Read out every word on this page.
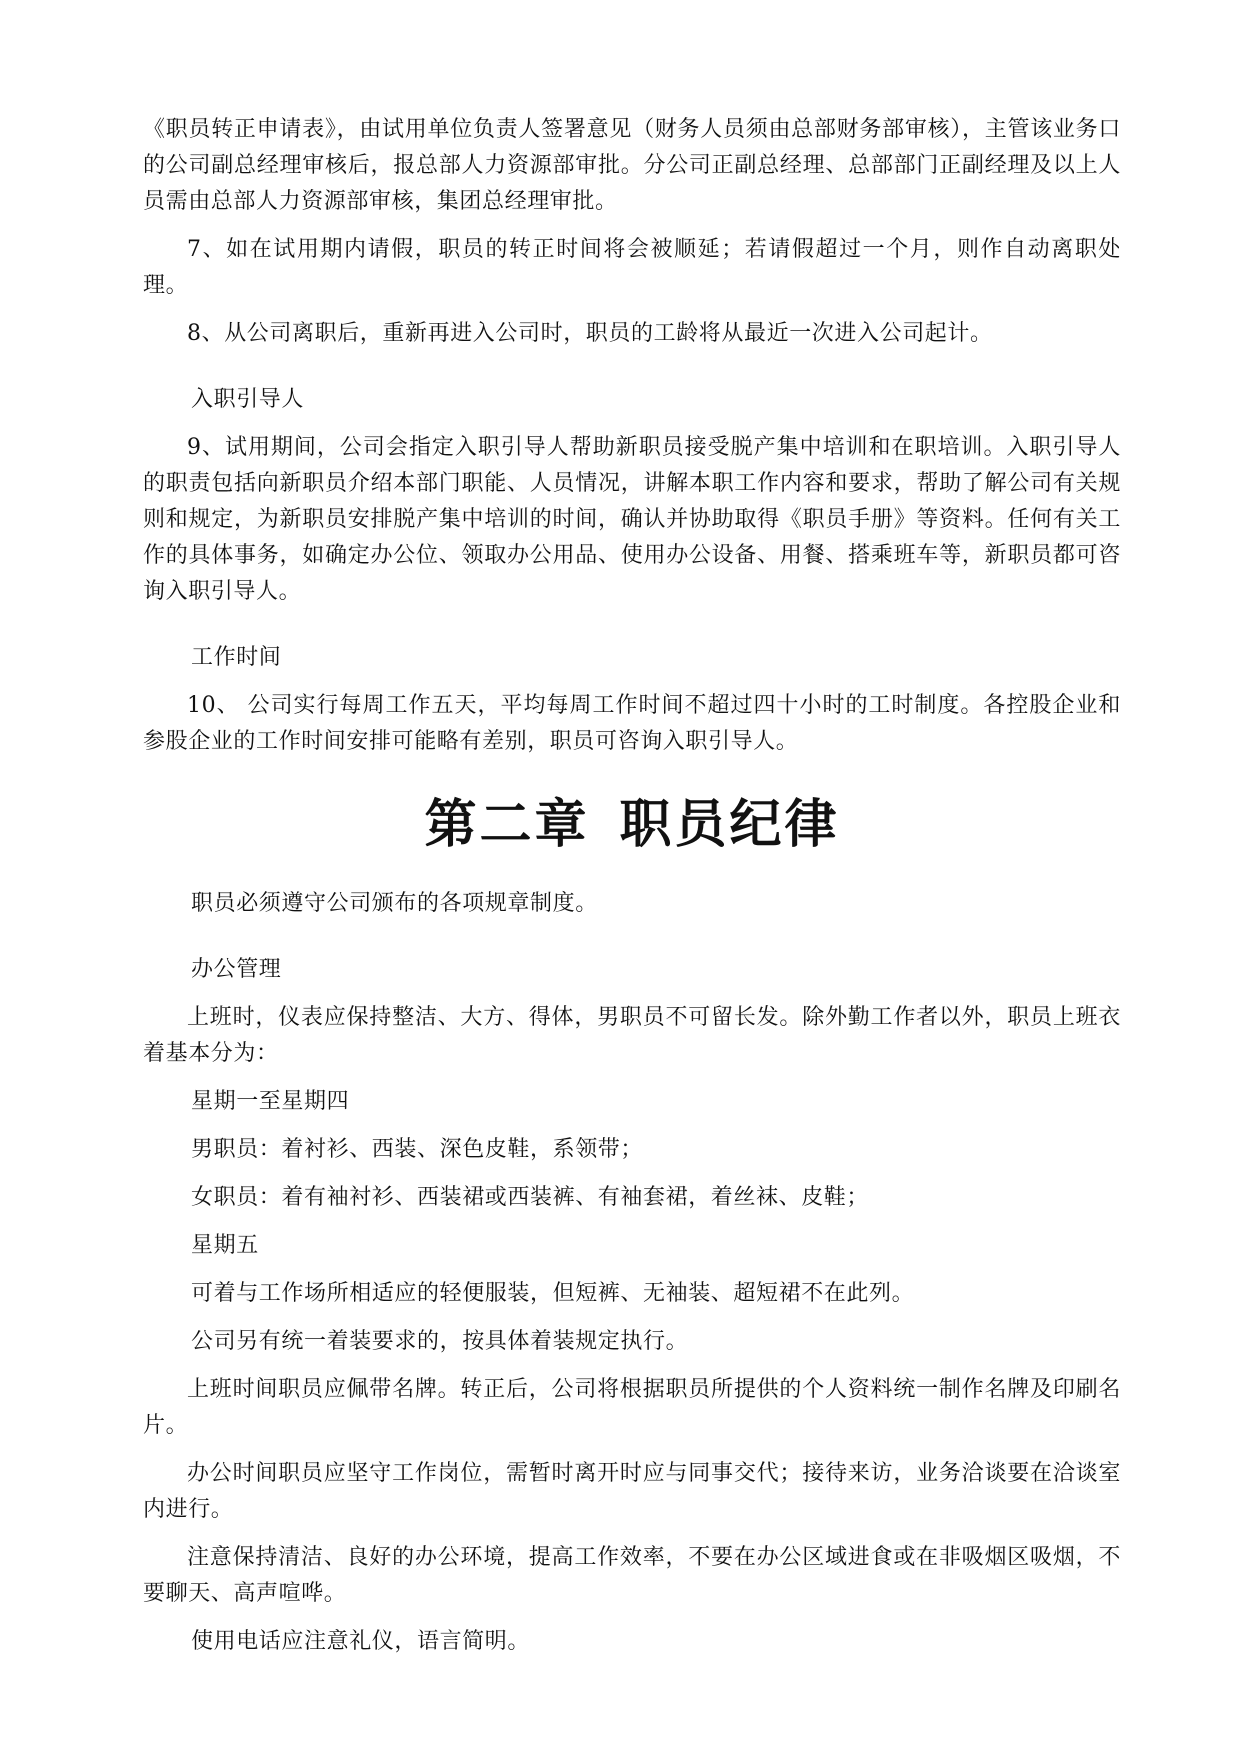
《职员转正申请表》，由试用单位负责人签署意见（财务人员须由总部财务部审核），主管该业务口的公司副总经理审核后，报总部人力资源部审批。分公司正副总经理、总部部门正副经理及以上人员需由总部人力资源部审核，集团总经理审批。

7、如在试用期内请假，职员的转正时间将会被顺延；若请假超过一个月，则作自动离职处理。

8、从公司离职后，重新再进入公司时，职员的工龄将从最近一次进入公司起计。

入职引导人

9、试用期间，公司会指定入职引导人帮助新职员接受脱产集中培训和在职培训。入职引导人的职责包括向新职员介绍本部门职能、人员情况，讲解本职工作内容和要求，帮助了解公司有关规则和规定，为新职员安排脱产集中培训的时间，确认并协助取得《职员手册》等资料。任何有关工作的具体事务，如确定办公位、领取办公用品、使用办公设备、用餐、搭乘班车等，新职员都可咨询入职引导人。

工作时间

10、 公司实行每周工作五天，平均每周工作时间不超过四十小时的工时制度。各控股企业和参股企业的工作时间安排可能略有差别，职员可咨询入职引导人。

第二章 职员纪律

职员必须遵守公司颁布的各项规章制度。

办公管理

上班时，仪表应保持整洁、大方、得体，男职员不可留长发。除外勤工作者以外，职员上班衣着基本分为：

星期一至星期四

男职员：着衬衫、西装、深色皮鞋，系领带；

女职员：着有袖衬衫、西装裙或西装裤、有袖套裙，着丝袜、皮鞋；

星期五

可着与工作场所相适应的轻便服装，但短裤、无袖装、超短裙不在此列。

公司另有统一着装要求的，按具体着装规定执行。

上班时间职员应佩带名牌。转正后，公司将根据职员所提供的个人资料统一制作名牌及印刷名片。

办公时间职员应坚守工作岗位，需暂时离开时应与同事交代；接待来访，业务洽谈要在洽谈室内进行。

注意保持清洁、良好的办公环境，提高工作效率，不要在办公区域进食或在非吸烟区吸烟，不要聊天、高声喧哗。

使用电话应注意礼仪，语言简明。
